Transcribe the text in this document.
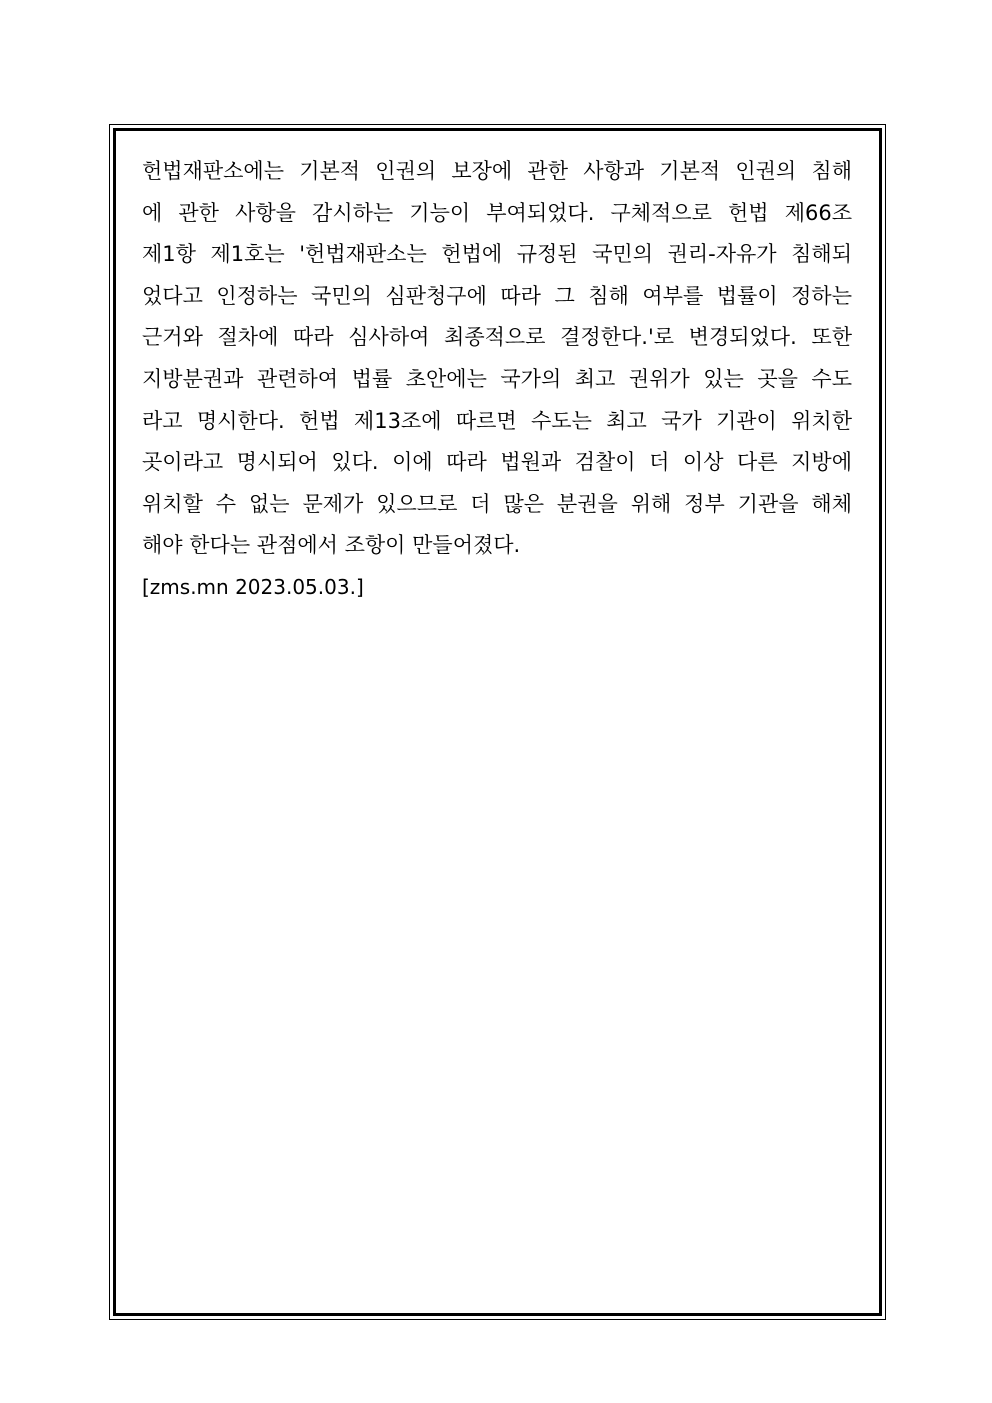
헌법재판소에는 기본적 인권의 보장에 관한 사항과 기본적 인권의 침해
에 관한 사항을 감시하는 기능이 부여되었다. 구체적으로 헌법 제66조
제1항 제1호는 '헌법재판소는 헌법에 규정된 국민의 권리-자유가 침해되
었다고 인정하는 국민의 심판청구에 따라 그 침해 여부를 법률이 정하는
근거와 절차에 따라 심사하여 최종적으로 결정한다.'로 변경되었다. 또한
지방분권과 관련하여 법률 초안에는 국가의 최고 권위가 있는 곳을 수도
라고 명시한다. 헌법 제13조에 따르면 수도는 최고 국가 기관이 위치한
곳이라고 명시되어 있다. 이에 따라 법원과 검찰이 더 이상 다른 지방에
위치할 수 없는 문제가 있으므로 더 많은 분권을 위해 정부 기관을 해체
해야 한다는 관점에서 조항이 만들어졌다.
[zms.mn 2023.05.03.]
